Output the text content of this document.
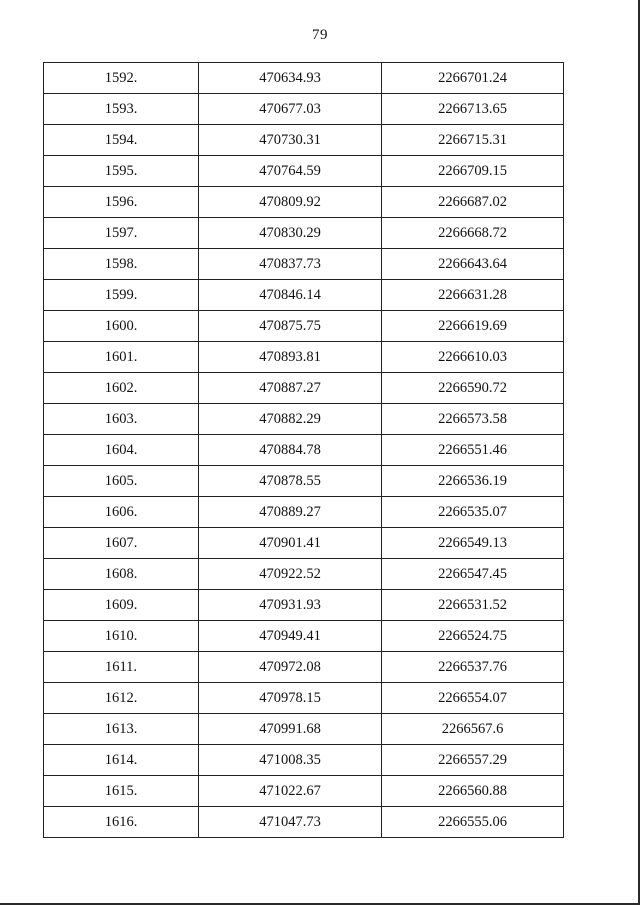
79
1592.	470634.93	2266701.24
1593.	470677.03	2266713.65
1594.	470730.31	2266715.31
1595.	470764.59	2266709.15
1596.	470809.92	2266687.02
1597.	470830.29	2266668.72
1598.	470837.73	2266643.64
1599.	470846.14	2266631.28
1600.	470875.75	2266619.69
1601.	470893.81	2266610.03
1602.	470887.27	2266590.72
1603.	470882.29	2266573.58
1604.	470884.78	2266551.46
1605.	470878.55	2266536.19
1606.	470889.27	2266535.07
1607.	470901.41	2266549.13
1608.	470922.52	2266547.45
1609.	470931.93	2266531.52
1610.	470949.41	2266524.75
1611.	470972.08	2266537.76
1612.	470978.15	2266554.07
1613.	470991.68	2266567.6
1614.	471008.35	2266557.29
1615.	471022.67	2266560.88
1616.	471047.73	2266555.06
